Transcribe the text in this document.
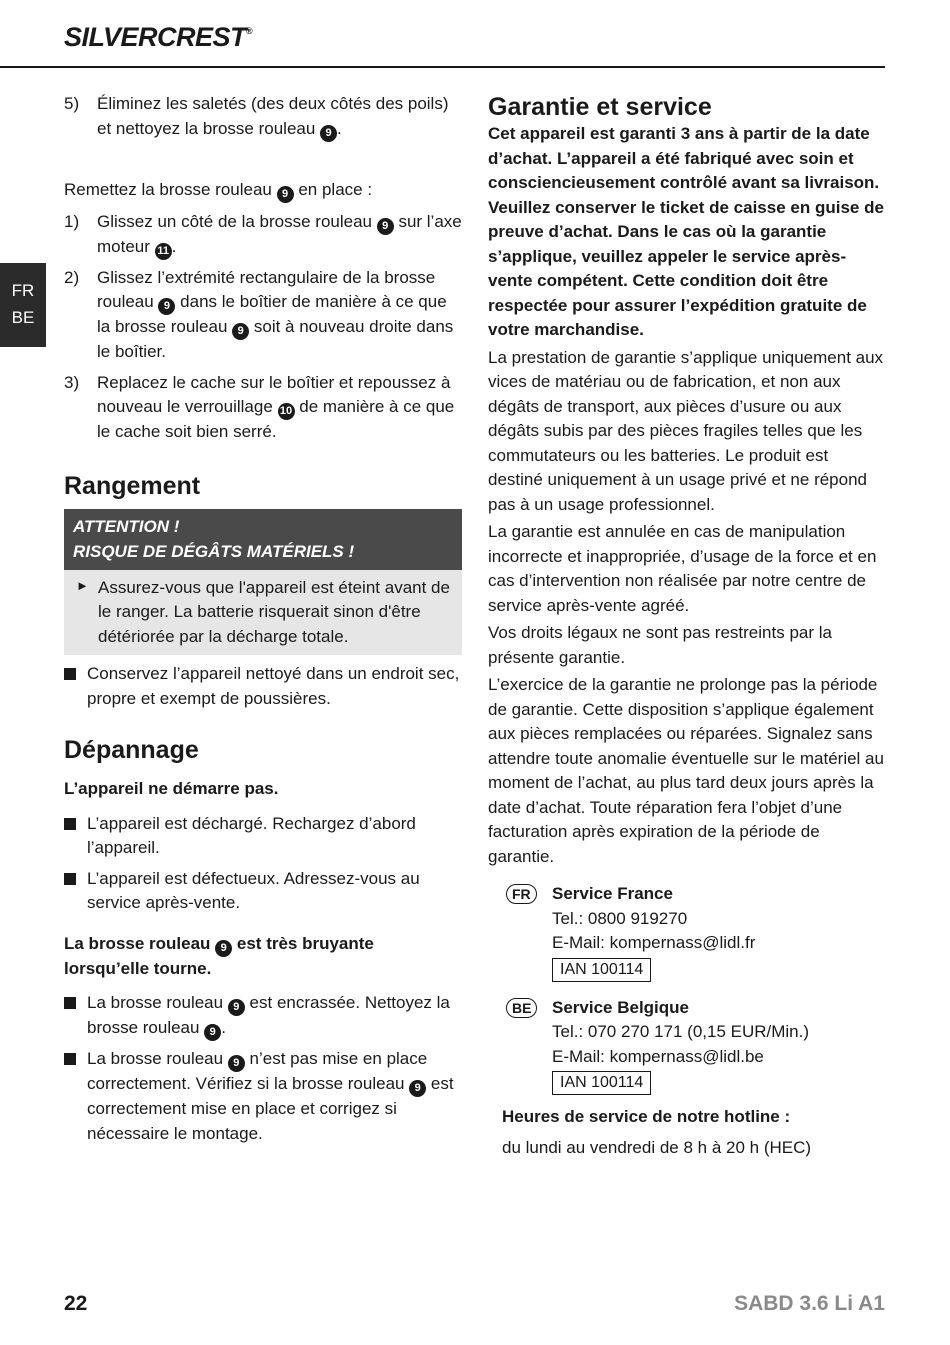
SILVERCREST®
FR
BE
5) Éliminez les saletés (des deux côtés des poils) et nettoyez la brosse rouleau 9 .

Remettez la brosse rouleau 9 en place :

1) Glissez un côté de la brosse rouleau 9 sur l’axe moteur 11 .
2) Glissez l’extrémité rectangulaire de la brosse rouleau 9 dans le boîtier de manière à ce que la brosse rouleau 9 soit à nouveau droite dans le boîtier.
3) Replacez le cache sur le boîtier et repoussez à nouveau le verrouillage 10 de manière à ce que le cache soit bien serré.
Rangement
ATTENTION !
RISQUE DE DÉGÂTS MATÉRIELS !
► Assurez-vous que l'appareil est éteint avant de le ranger. La batterie risquerait sinon d'être détériorée par la décharge totale.

Conservez l’appareil nettoyé dans un endroit sec, propre et exempt de poussières.
Dépannage
L’appareil ne démarre pas.
L’appareil est déchargé. Rechargez d’abord l’appareil.
L’appareil est défectueux. Adressez-vous au service après-vente.
La brosse rouleau 9 est très bruyante lorsqu’elle tourne.
La brosse rouleau 9 est encrassée. Nettoyez la brosse rouleau 9 .
La brosse rouleau 9 n’est pas mise en place correctement. Vérifiez si la brosse rouleau 9 est correctement mise en place et corrigez si nécessaire le montage.
Garantie et service

Cet appareil est garanti 3 ans à partir de la date d’achat. L’appareil a été fabriqué avec soin et consciencieusement contrôlé avant sa livraison. Veuillez conserver le ticket de caisse en guise de preuve d’achat. Dans le cas où la garantie s’applique, veuillez appeler le service après-vente compétent. Cette condition doit être respectée pour assurer l’expédition gratuite de votre marchandise.

La prestation de garantie s’applique uniquement aux vices de matériau ou de fabrication, et non aux dégâts de transport, aux pièces d’usure ou aux dégâts subis par des pièces fragiles telles que les commutateurs ou les batteries. Le produit est destiné uniquement à un usage privé et ne répond pas à un usage professionnel.

La garantie est annulée en cas de manipulation incorrecte et inappropriée, d’usage de la force et en cas d’intervention non réalisée par notre centre de service après-vente agréé.

Vos droits légaux ne sont pas restreints par la présente garantie.

L’exercice de la garantie ne prolonge pas la période de garantie. Cette disposition s’applique également aux pièces remplacées ou réparées. Signalez sans attendre toute anomalie éventuelle sur le matériel au moment de l’achat, au plus tard deux jours après la date d’achat. Toute réparation fera l’objet d’une facturation après expiration de la période de garantie.

FR	Service France

Tel.: 0800 919270

E-Mail: kompernass@lidl.fr

IAN 100114
BE	Service Belgique

Tel.: 070 270 171 (0,15 EUR/Min.)

E-Mail: kompernass@lidl.be

IAN 100114
Heures de service de notre hotline :

du lundi au vendredi de 8 h à 20 h (HEC)

22	SABD 3.6 Li A1
